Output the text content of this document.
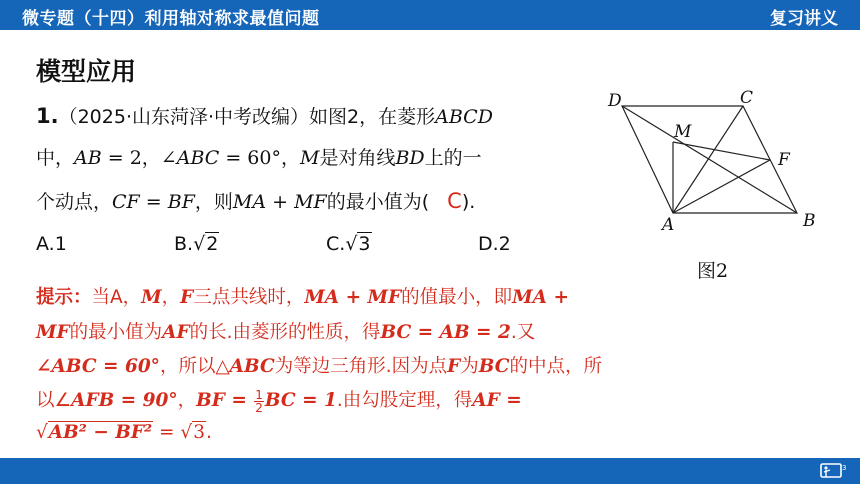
微专题（十四）利用轴对称求最值问题	复习讲义
模型应用
1.（2025·山东菏泽·中考改编）如图2，在菱形ABCD
中，AB = 2，∠ABC = 60°，M是对角线BD上的一
个动点，CF = BF，则MA + MF的最小值为( C).
A.1	B.√2	C.√3	D.2
D	C
M
F
A	B
图2
提示：当A，M，F三点共线时，MA + MF的值最小，即MA +
MF的最小值为AF的长.由菱形的性质，得BC = AB = 2.又
∠ABC = 60°，所以△ABC为等边三角形.因为点F为BC的中点，所
以∠AFB = 90°，BF = $\frac{1}{2}$ BC = 1.由勾股定理，得AF =
√AB² − BF² = √3.
3
